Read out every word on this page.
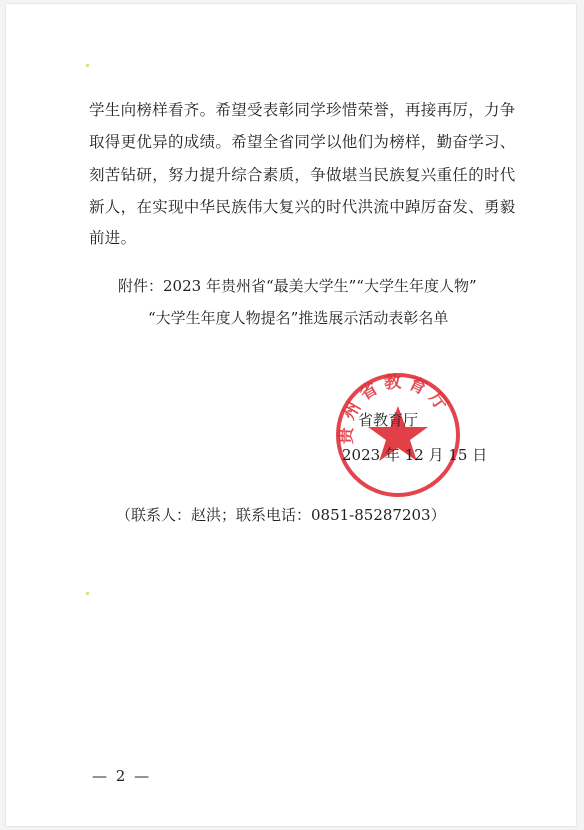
学生向榜样看齐。希望受表彰同学珍惜荣誉，再接再厉，力争
取得更优异的成绩。希望全省同学以他们为榜样，勤奋学习、
刻苦钻研，努力提升综合素质，争做堪当民族复兴重任的时代
新人，在实现中华民族伟大复兴的时代洪流中踔厉奋发、勇毅
前进。
附件：2023 年贵州省“最美大学生”“大学生年度人物”
“大学生年度人物提名”推选展示活动表彰名单
贵州省教育厅
省教育厅
2023 年 12 月 15 日
（联系人：赵洪；联系电话：0851-85287203）
— 2 —
